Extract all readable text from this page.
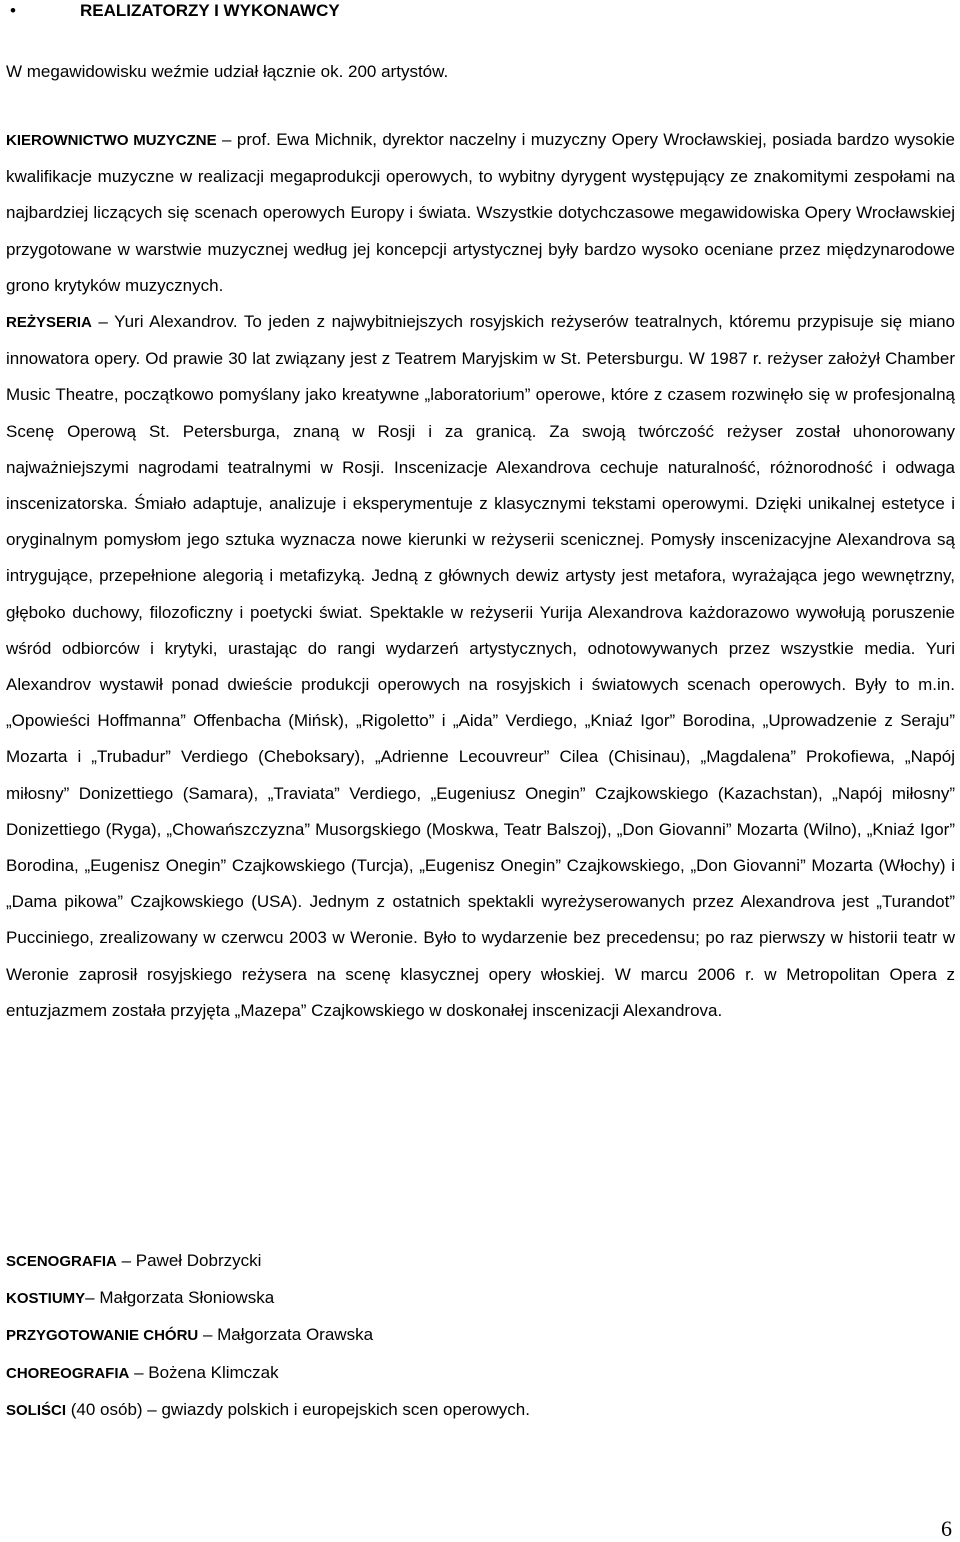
•	REALIZATORZY I WYKONAWCY
W megawidowisku weźmie udział łącznie ok. 200 artystów.
KIEROWNICTWO MUZYCZNE – prof. Ewa Michnik, dyrektor naczelny i muzyczny Opery Wrocławskiej, posiada bardzo wysokie kwalifikacje muzyczne w realizacji megaprodukcji operowych, to wybitny dyrygent występujący ze znakomitymi zespołami na najbardziej liczących się scenach operowych Europy i świata. Wszystkie dotychczasowe megawidowiska Opery Wrocławskiej przygotowane w warstwie muzycznej według jej koncepcji artystycznej były bardzo wysoko oceniane przez międzynarodowe grono krytyków muzycznych.
REŻYSERIA – Yuri Alexandrov. To jeden z najwybitniejszych rosyjskich reżyserów teatralnych, któremu przypisuje się miano innowatora opery. Od prawie 30 lat związany jest z Teatrem Maryjskim w St. Petersburgu. W 1987 r. reżyser założył Chamber Music Theatre, początkowo pomyślany jako kreatywne „laboratorium” operowe, które z czasem rozwinęło się w profesjonalną Scenę Operową St. Petersburga, znaną w Rosji i za granicą. Za swoją twórczość reżyser został uhonorowany najważniejszymi nagrodami teatralnymi w Rosji. Inscenizacje Alexandrova cechuje naturalność, różnorodność i odwaga inscenizatorska. Śmiało adaptuje, analizuje i eksperymentuje z klasycznymi tekstami operowymi. Dzięki unikalnej estetyce i oryginalnym pomysłom jego sztuka wyznacza nowe kierunki w reżyserii scenicznej. Pomysły inscenizacyjne Alexandrova są intrygujące, przepełnione alegorią i metafizyką. Jedną z głównych dewiz artysty jest metafora, wyrażająca jego wewnętrzny, głęboko duchowy, filozoficzny i poetycki świat. Spektakle w reżyserii Yurija Alexandrova każdorazowo wywołują poruszenie wśród odbiorców i krytyki, urastając do rangi wydarzeń artystycznych, odnotowywanych przez wszystkie media. Yuri Alexandrov wystawił ponad dwieście produkcji operowych na rosyjskich i światowych scenach operowych. Były to m.in. „Opowieści Hoffmanna” Offenbacha (Mińsk), „Rigoletto” i „Aida” Verdiego, „Kniaź Igor” Borodina, „Uprowadzenie z Seraju” Mozarta i „Trubadur” Verdiego (Cheboksary), „Adrienne Lecouvreur” Cilea (Chisinau), „Magdalena” Prokofiewa, „Napój miłosny” Donizettiego (Samara), „Traviata” Verdiego, „Eugeniusz Onegin” Czajkowskiego (Kazachstan), „Napój miłosny” Donizettiego (Ryga), „Chowańszczyzna” Musorgskiego (Moskwa, Teatr Balszoj), „Don Giovanni” Mozarta (Wilno), „Kniaź Igor” Borodina, „Eugenisz Onegin” Czajkowskiego (Turcja), „Eugenisz Onegin” Czajkowskiego, „Don Giovanni” Mozarta (Włochy) i „Dama pikowa” Czajkowskiego (USA). Jednym z ostatnich spektakli wyreżyserowanych przez Alexandrova jest „Turandot” Pucciniego, zrealizowany w czerwcu 2003 w Weronie. Było to wydarzenie bez precedensu; po raz pierwszy w historii teatr w Weronie zaprosił rosyjskiego reżysera na scenę klasycznej opery włoskiej. W marcu 2006 r. w Metropolitan Opera z entuzjazmem została przyjęta „Mazepa” Czajkowskiego w doskonałej inscenizacji Alexandrova.
SCENOGRAFIA – Paweł Dobrzycki
KOSTIUMY– Małgorzata Słoniowska
PRZYGOTOWANIE CHÓRU – Małgorzata Orawska
CHOREOGRAFIA – Bożena Klimczak
SOLIŚCI (40 osób) – gwiazdy polskich i europejskich scen operowych.
6
